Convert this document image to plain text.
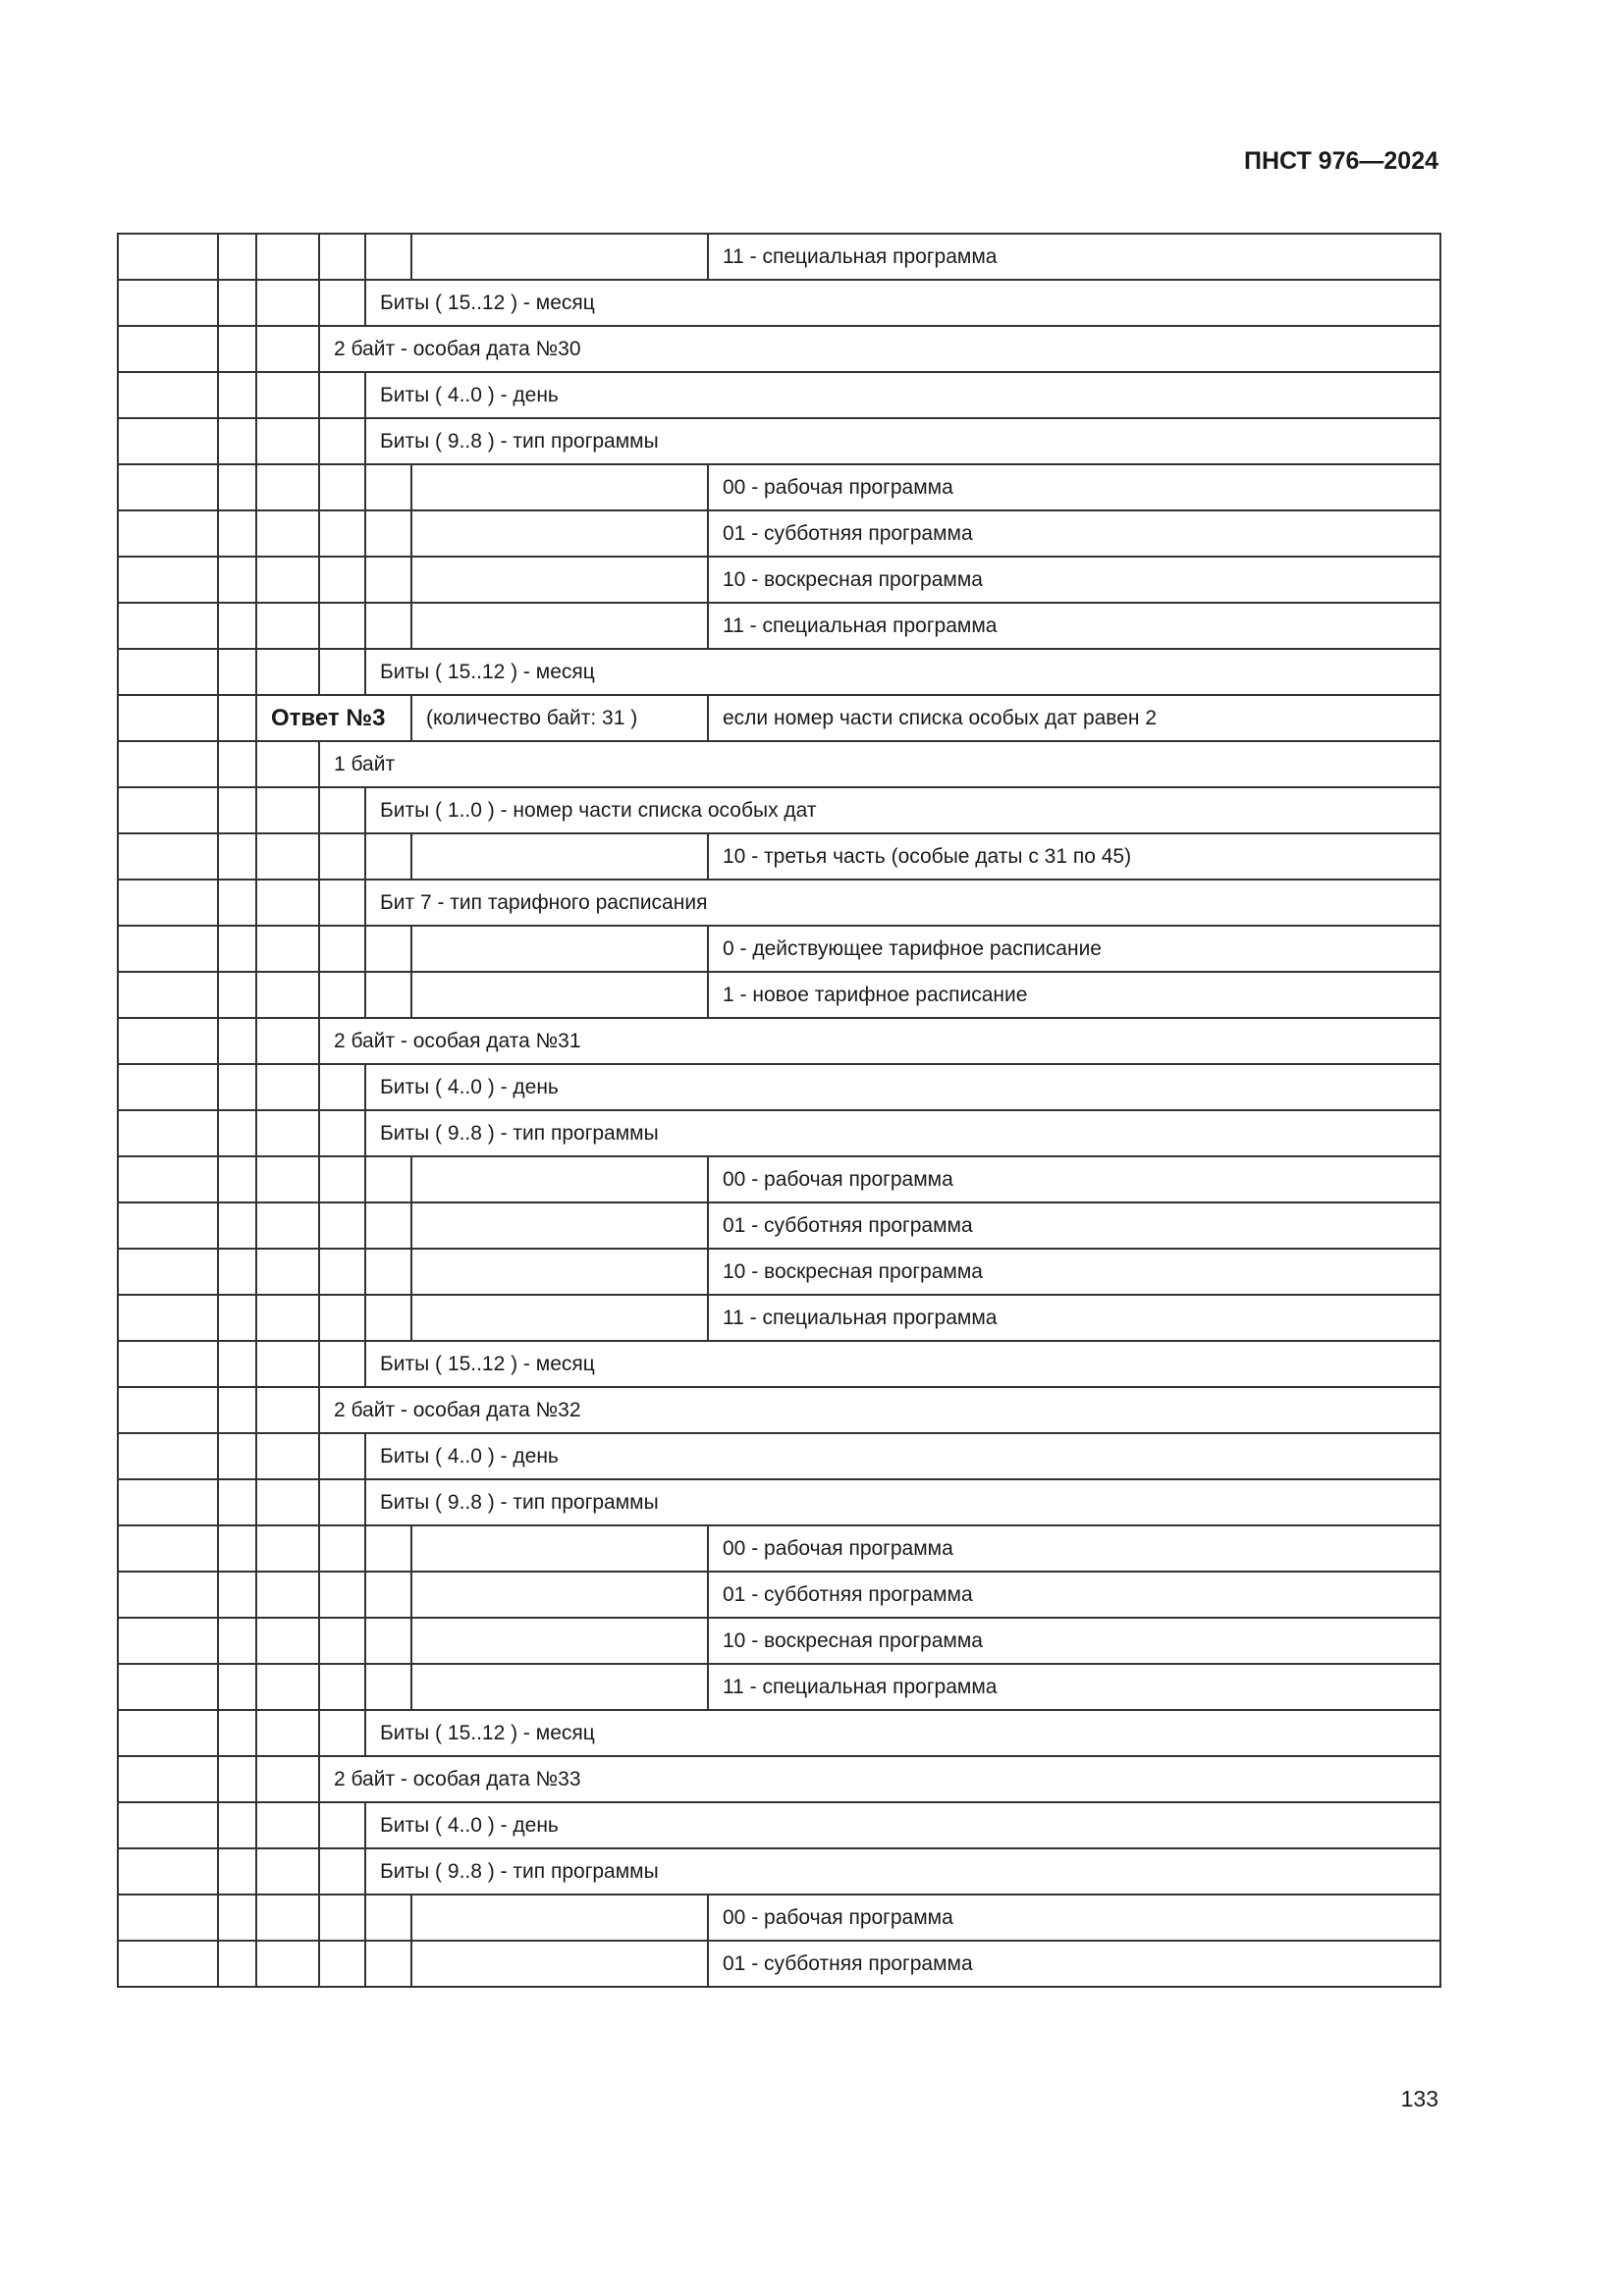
ПНСТ 976—2024
						11 - специальная программа
				Биты ( 15..12 ) - месяц		
			2 байт - особая дата №30			
				Биты ( 4..0 ) - день		
				Биты ( 9..8 ) - тип программы		
						00 - рабочая программа
						01 - субботняя программа
						10 - воскресная программа
						11 - специальная программа
				Биты ( 15..12 ) - месяц		
		Ответ №3			(количество байт: 31 )	если номер части списка особых дат равен 2
			1 байт			
				Биты ( 1..0 ) - номер части списка особых дат		
						10 - третья часть (особые даты с 31 по 45)
				Бит 7 - тип тарифного расписания		
						0 - действующее тарифное расписание
						1 - новое тарифное расписание
			2 байт - особая дата №31			
				Биты ( 4..0 ) - день		
				Биты ( 9..8 ) - тип программы		
						00 - рабочая программа
						01 - субботняя программа
						10 - воскресная программа
						11 - специальная программа
				Биты ( 15..12 ) - месяц		
			2 байт - особая дата №32			
				Биты ( 4..0 ) - день		
				Биты ( 9..8 ) - тип программы		
						00 - рабочая программа
						01 - субботняя программа
						10 - воскресная программа
						11 - специальная программа
				Биты ( 15..12 ) - месяц		
			2 байт - особая дата №33			
				Биты ( 4..0 ) - день		
				Биты ( 9..8 ) - тип программы		
						00 - рабочая программа
						01 - субботняя программа
133
